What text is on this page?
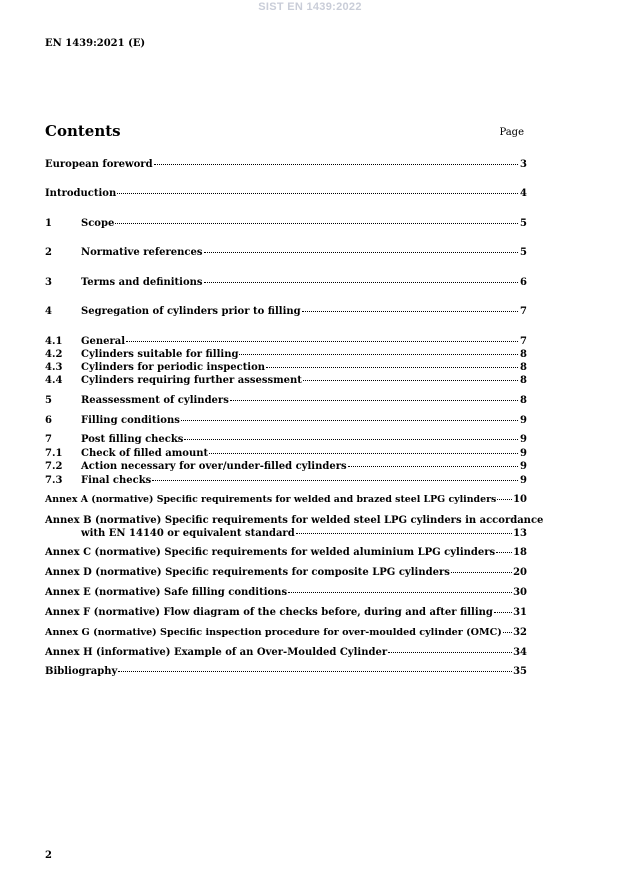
SIST EN 1439:2022
EN 1439:2021 (E)
Contents	Page
European foreword	3
Introduction	4
1	Scope	5
2	Normative references	5
3	Terms and definitions	6
4	Segregation of cylinders prior to filling	7
4.1 General	7
4.2 Cylinders suitable for filling	8
4.3 Cylinders for periodic inspection	8
4.4 Cylinders requiring further assessment	8
5	Reassessment of cylinders	8
6	Filling conditions	9
7	Post filling checks	9
7.1 Check of filled amount	9
7.2 Action necessary for over/under-filled cylinders	9
7.3 Final checks	9
Annex A (normative) Specific requirements for welded and brazed steel LPG cylinders 10
Annex B (normative) Specific requirements for welded steel LPG cylinders in accordance
with EN 14140 or equivalent standard	13
Annex C (normative) Specific requirements for welded aluminium LPG cylinders 18
Annex D (normative) Specific requirements for composite LPG cylinders	20
Annex E (normative) Safe filling conditions	30
Annex F (normative) Flow diagram of the checks before, during and after filling 31
Annex G (normative) Specific inspection procedure for over-moulded cylinder (OMC) 32
Annex H (informative) Example of an Over-Moulded Cylinder	34
Bibliography	35
2
